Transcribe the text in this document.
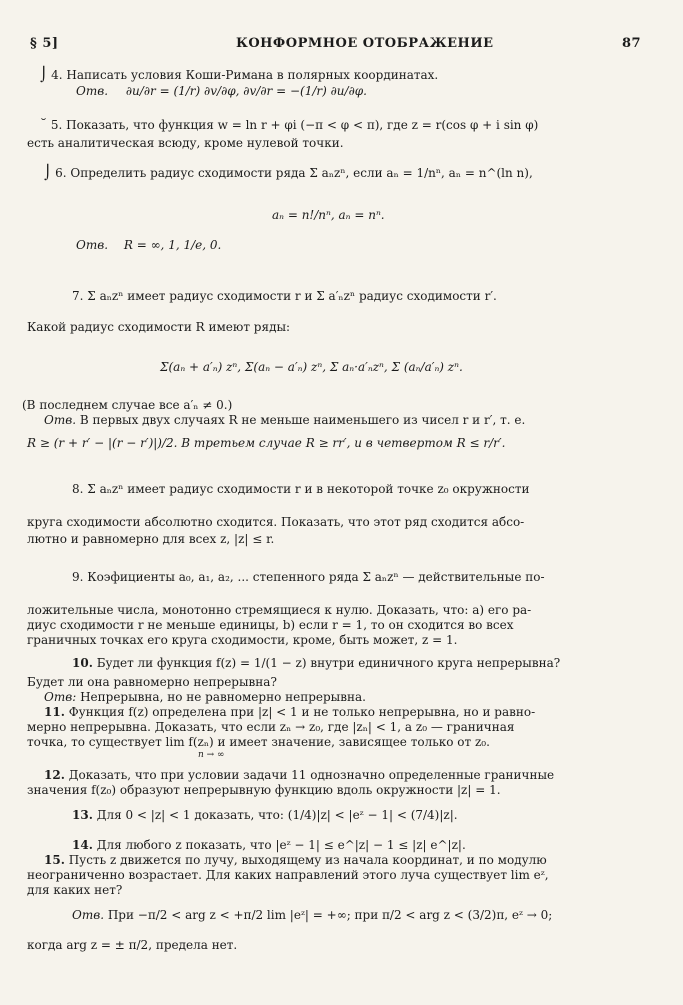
§ 5]	КОНФОРМНОЕ ОТОБРАЖЕНИЕ	87
⌡ 4. Написать условия Коши-Римана в полярных координатах.
Отв. ∂u/∂r = (1/r) ∂v/∂φ, ∂v/∂r = −(1/r) ∂u/∂φ.
˘ 5. Показать, что функция w = ln r + φi (−π < φ < π), где z = r(cos φ + i sin φ)
есть аналитическая всюду, кроме нулевой точки.
⌡ 6. Определить радиус сходимости ряда Σ aₙzⁿ, если aₙ = 1/nⁿ, aₙ = n^(ln n),
aₙ = n!/nⁿ, aₙ = nⁿ.
Отв. R = ∞, 1, 1/e, 0.
7. Σ aₙzⁿ имеет радиус сходимости r и Σ a′ₙzⁿ радиус сходимости r′.
Какой радиус сходимости R имеют ряды:
Σ(aₙ + a′ₙ) zⁿ, Σ(aₙ − a′ₙ) zⁿ, Σ aₙ·a′ₙzⁿ, Σ (aₙ/a′ₙ) zⁿ.
(В последнем случае все a′ₙ ≠ 0.)
Отв. В первых двух случаях R не меньше наименьшего из чисел r и r′, т. е.
R ≥ (r + r′ − |(r − r′)|)/2. В третьем случае R ≥ rr′, и в четвертом R ≤ r/r′.
8. Σ aₙzⁿ имеет радиус сходимости r и в некоторой точке z₀ окружности
круга сходимости абсолютно сходится. Показать, что этот ряд сходится абсо-
лютно и равномерно для всех z, |z| ≤ r.
9. Коэфициенты a₀, a₁, a₂, ... степенного ряда Σ aₙzⁿ — действительные по-
ложительные числа, монотонно стремящиеся к нулю. Доказать, что: a) его ра-
диус сходимости r не меньше единицы, b) если r = 1, то он сходится во всех
граничных точках его круга сходимости, кроме, быть может, z = 1.
10. Будет ли функция f(z) = 1/(1 − z) внутри единичного круга непрерывна?
Будет ли она равномерно непрерывна?
Отв: Непрерывна, но не равномерно непрерывна.
11. Функция f(z) определена при |z| < 1 и не только непрерывна, но и равно-
мерно непрерывна. Доказать, что если zₙ → z₀, где |zₙ| < 1, а z₀ — граничная
точка, то существует lim f(zₙ) и имеет значение, зависящее только от z₀.
n → ∞
12. Доказать, что при условии задачи 11 однозначно определенные граничные
значения f(z₀) образуют непрерывную функцию вдоль окружности |z| = 1.
13. Для 0 < |z| < 1 доказать, что: (1/4)|z| < |eᶻ − 1| < (7/4)|z|.
14. Для любого z показать, что |eᶻ − 1| ≤ e^|z| − 1 ≤ |z| e^|z|.
15. Пусть z движется по лучу, выходящему из начала координат, и по модулю
неограниченно возрастает. Для каких направлений этого луча существует lim eᶻ,
для каких нет?
Отв. При −π/2 < arg z < +π/2 lim |eᶻ| = +∞; при π/2 < arg z < (3/2)π, eᶻ → 0;
когда arg z = ± π/2, предела нет.
